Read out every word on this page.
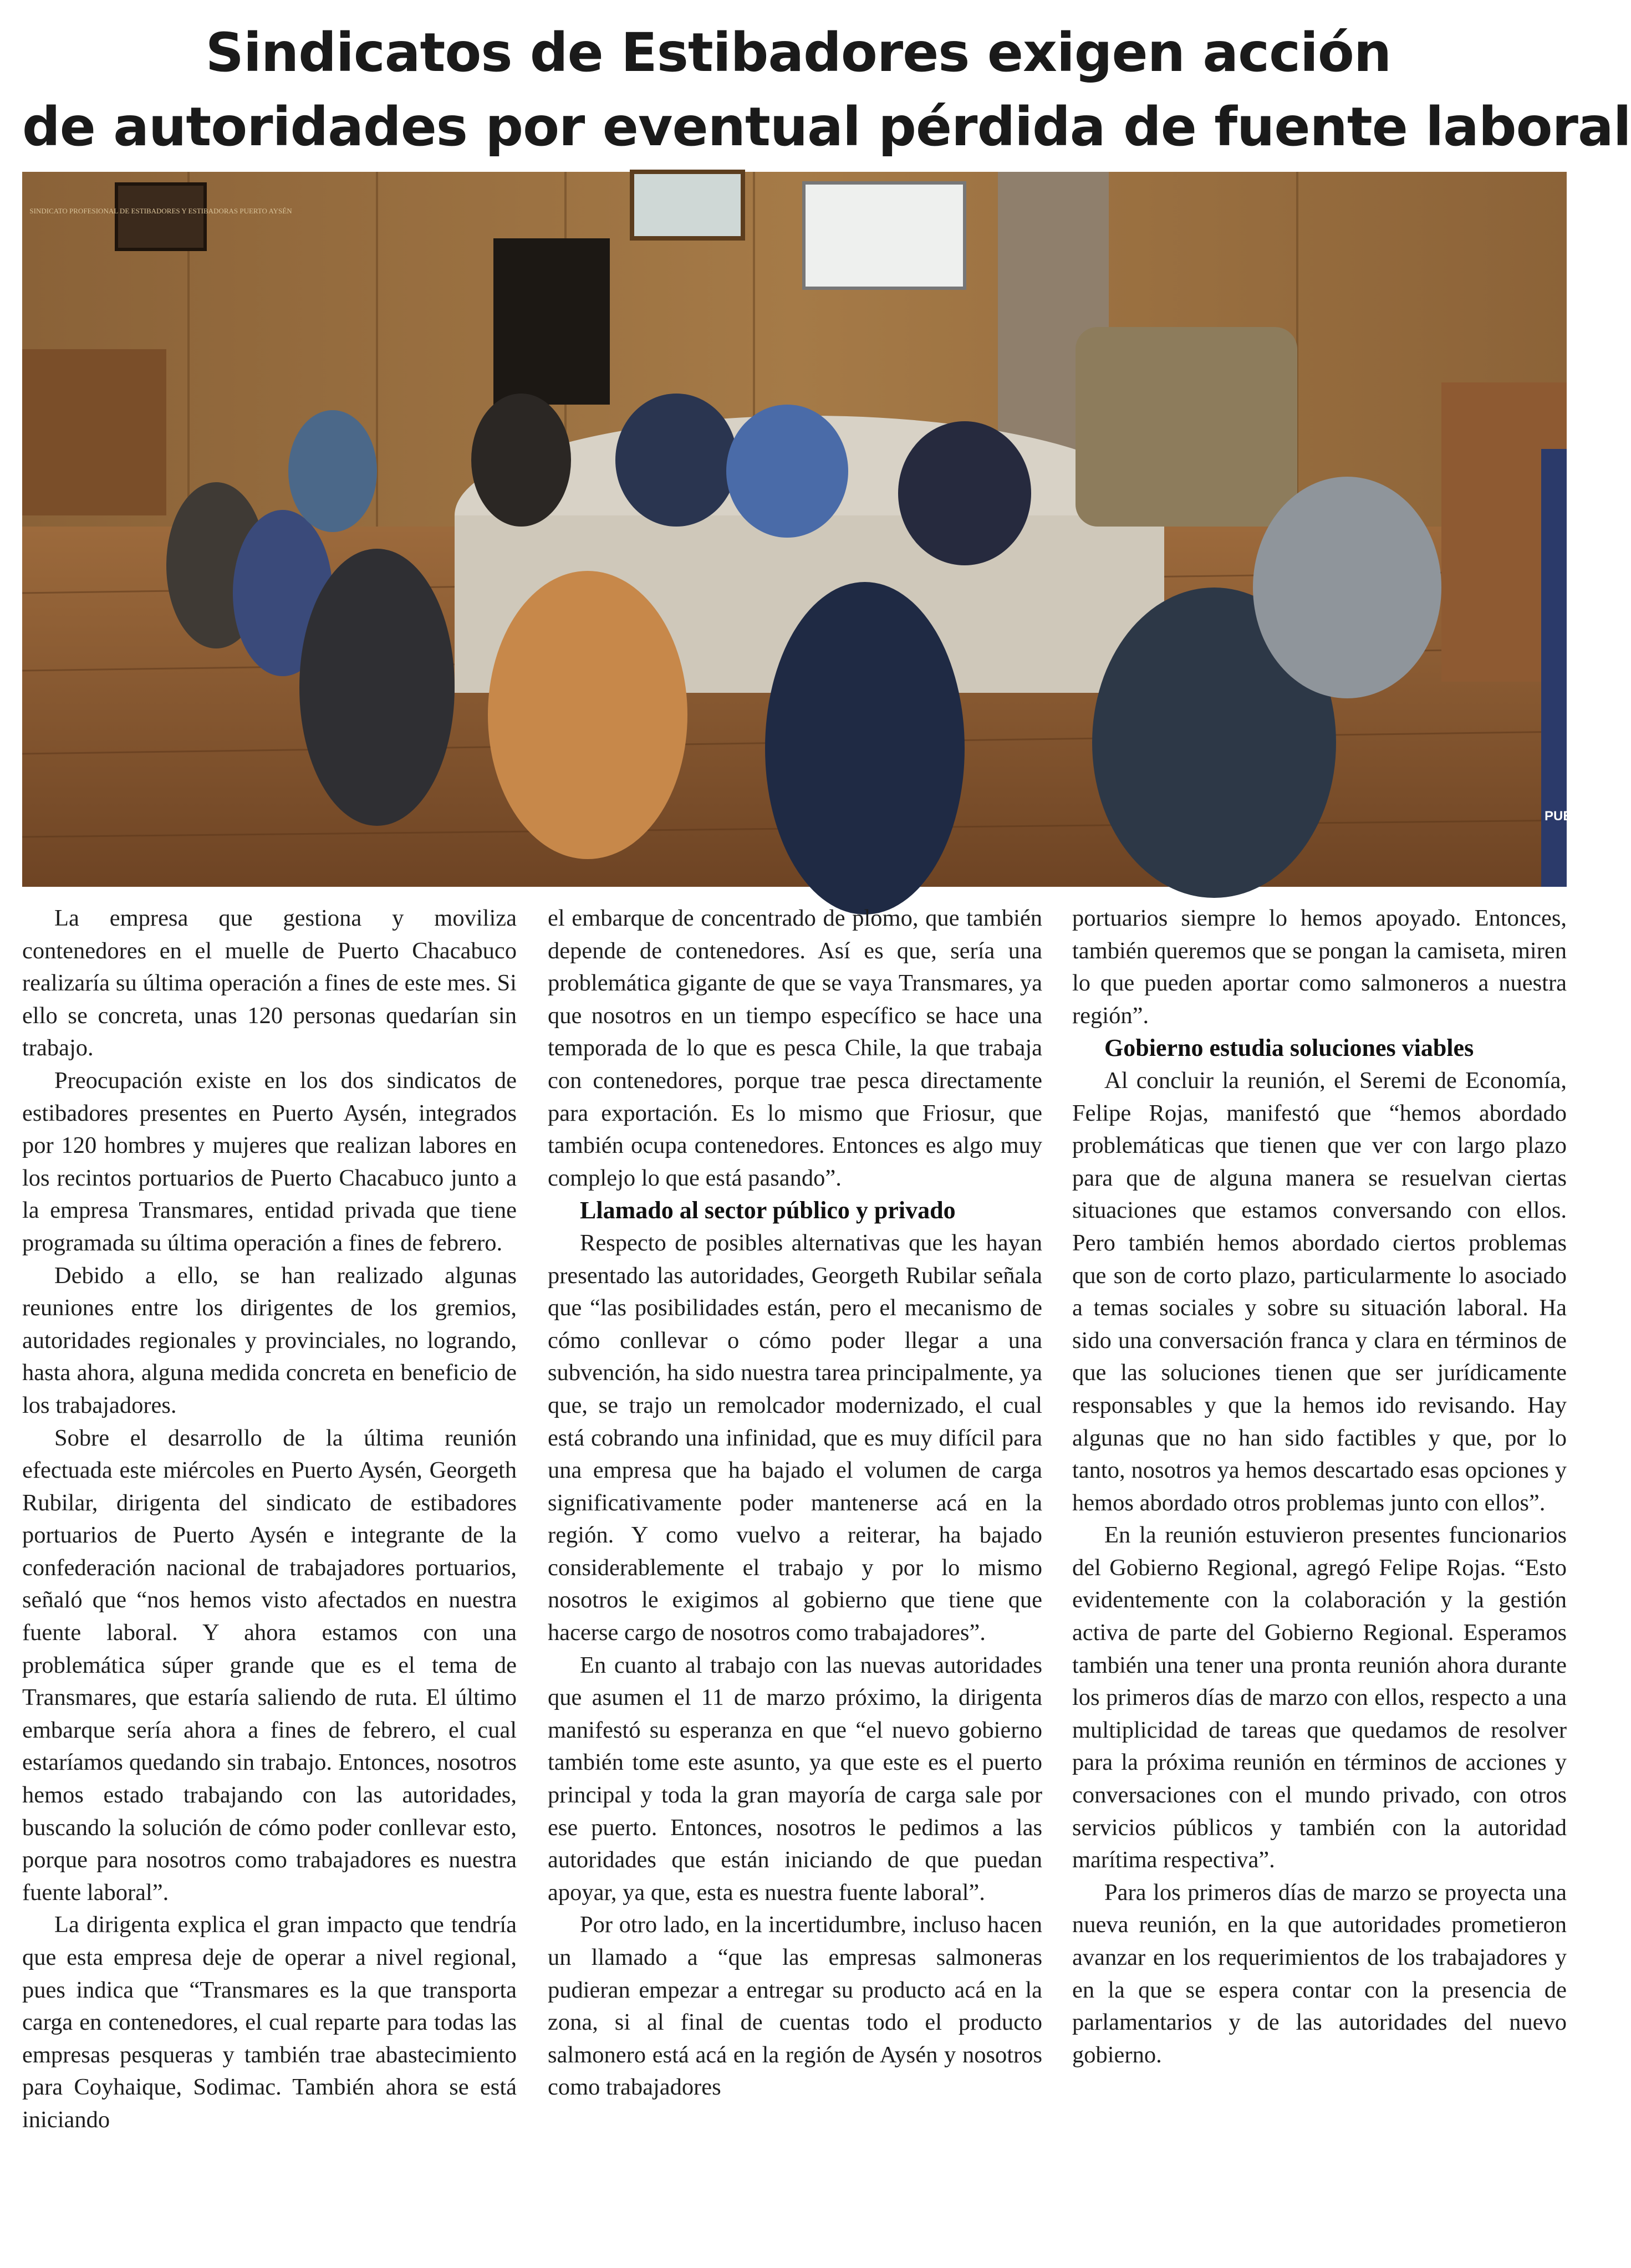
Sindicatos de Estibadores exigen acción
de autoridades por eventual pérdida de fuente laboral
SINDICATO PROFESIONAL DE ESTIBADORES Y ESTIBADORAS PUERTO AYSÉN
PUE

La empresa que gestiona y moviliza contenedores en el muelle de Puerto Chacabuco realizaría su última operación a fines de este mes. Si ello se concreta, unas 120 personas quedarían sin trabajo.

Preocupación existe en los dos sindicatos de estibadores presentes en Puerto Aysén, integrados por 120 hombres y mujeres que realizan labores en los recintos portuarios de Puerto Chacabuco junto a la empresa Transmares, entidad privada que tiene programada su última operación a fines de febrero.

Debido a ello, se han realizado algunas reuniones entre los dirigentes de los gremios, autoridades regionales y provinciales, no logrando, hasta ahora, alguna medida concreta en beneficio de los trabajadores.

Sobre el desarrollo de la última reunión efectuada este miércoles en Puerto Aysén, Georgeth Rubilar, dirigenta del sindicato de estibadores portuarios de Puerto Aysén e integrante de la confederación nacional de trabajadores portuarios, señaló que “nos hemos visto afectados en nuestra fuente laboral. Y ahora estamos con una problemática súper grande que es el tema de Transmares, que estaría saliendo de ruta. El último embarque sería ahora a fines de febrero, el cual estaríamos quedando sin trabajo. Entonces, nosotros hemos estado trabajando con las autoridades, buscando la solución de cómo poder conllevar esto, porque para nosotros como trabajadores es nuestra fuente laboral”.

La dirigenta explica el gran impacto que tendría que esta empresa deje de operar a nivel regional, pues indica que “Transmares es la que transporta carga en contenedores, el cual reparte para todas las empresas pesqueras y también trae abastecimiento para Coyhaique, Sodimac. También ahora se está iniciando

el embarque de concentrado de plomo, que también depende de contenedores. Así es que, sería una problemática gigante de que se vaya Transmares, ya que nosotros en un tiempo específico se hace una temporada de lo que es pesca Chile, la que trabaja con contenedores, porque trae pesca directamente para exportación. Es lo mismo que Friosur, que también ocupa contenedores. Entonces es algo muy complejo lo que está pasando”.

Llamado al sector público y privado

Respecto de posibles alternativas que les hayan presentado las autoridades, Georgeth Rubilar señala que “las posibilidades están, pero el mecanismo de cómo conllevar o cómo poder llegar a una subvención, ha sido nuestra tarea principalmente, ya que, se trajo un remolcador modernizado, el cual está cobrando una infinidad, que es muy difícil para una empresa que ha bajado el volumen de carga significativamente poder mantenerse acá en la región. Y como vuelvo a reiterar, ha bajado considerablemente el trabajo y por lo mismo nosotros le exigimos al gobierno que tiene que hacerse cargo de nosotros como trabajadores”.

En cuanto al trabajo con las nuevas autoridades que asumen el 11 de marzo próximo, la dirigenta manifestó su esperanza en que “el nuevo gobierno también tome este asunto, ya que este es el puerto principal y toda la gran mayoría de carga sale por ese puerto. Entonces, nosotros le pedimos a las autoridades que están iniciando de que puedan apoyar, ya que, esta es nuestra fuente laboral”.

Por otro lado, en la incertidumbre, incluso hacen un llamado a “que las empresas salmoneras pudieran empezar a entregar su producto acá en la zona, si al final de cuentas todo el producto salmonero está acá en la región de Aysén y nosotros como trabajadores

portuarios siempre lo hemos apoyado. Entonces, también queremos que se pongan la camiseta, miren lo que pueden aportar como salmoneros a nuestra región”.

Gobierno estudia soluciones viables

Al concluir la reunión, el Seremi de Economía, Felipe Rojas, manifestó que “hemos abordado problemáticas que tienen que ver con largo plazo para que de alguna manera se resuelvan ciertas situaciones que estamos conversando con ellos. Pero también hemos abordado ciertos problemas que son de corto plazo, particularmente lo asociado a temas sociales y sobre su situación laboral. Ha sido una conversación franca y clara en términos de que las soluciones tienen que ser jurídicamente responsables y que la hemos ido revisando. Hay algunas que no han sido factibles y que, por lo tanto, nosotros ya hemos descartado esas opciones y hemos abordado otros problemas junto con ellos”.

En la reunión estuvieron presentes funcionarios del Gobierno Regional, agregó Felipe Rojas. “Esto evidentemente con la colaboración y la gestión activa de parte del Gobierno Regional. Esperamos también una tener una pronta reunión ahora durante los primeros días de marzo con ellos, respecto a una multiplicidad de tareas que quedamos de resolver para la próxima reunión en términos de acciones y conversaciones con el mundo privado, con otros servicios públicos y también con la autoridad marítima respectiva”.

Para los primeros días de marzo se proyecta una nueva reunión, en la que autoridades prometieron avanzar en los requerimientos de los trabajadores y en la que se espera contar con la presencia de parlamentarios y de las autoridades del nuevo gobierno.
